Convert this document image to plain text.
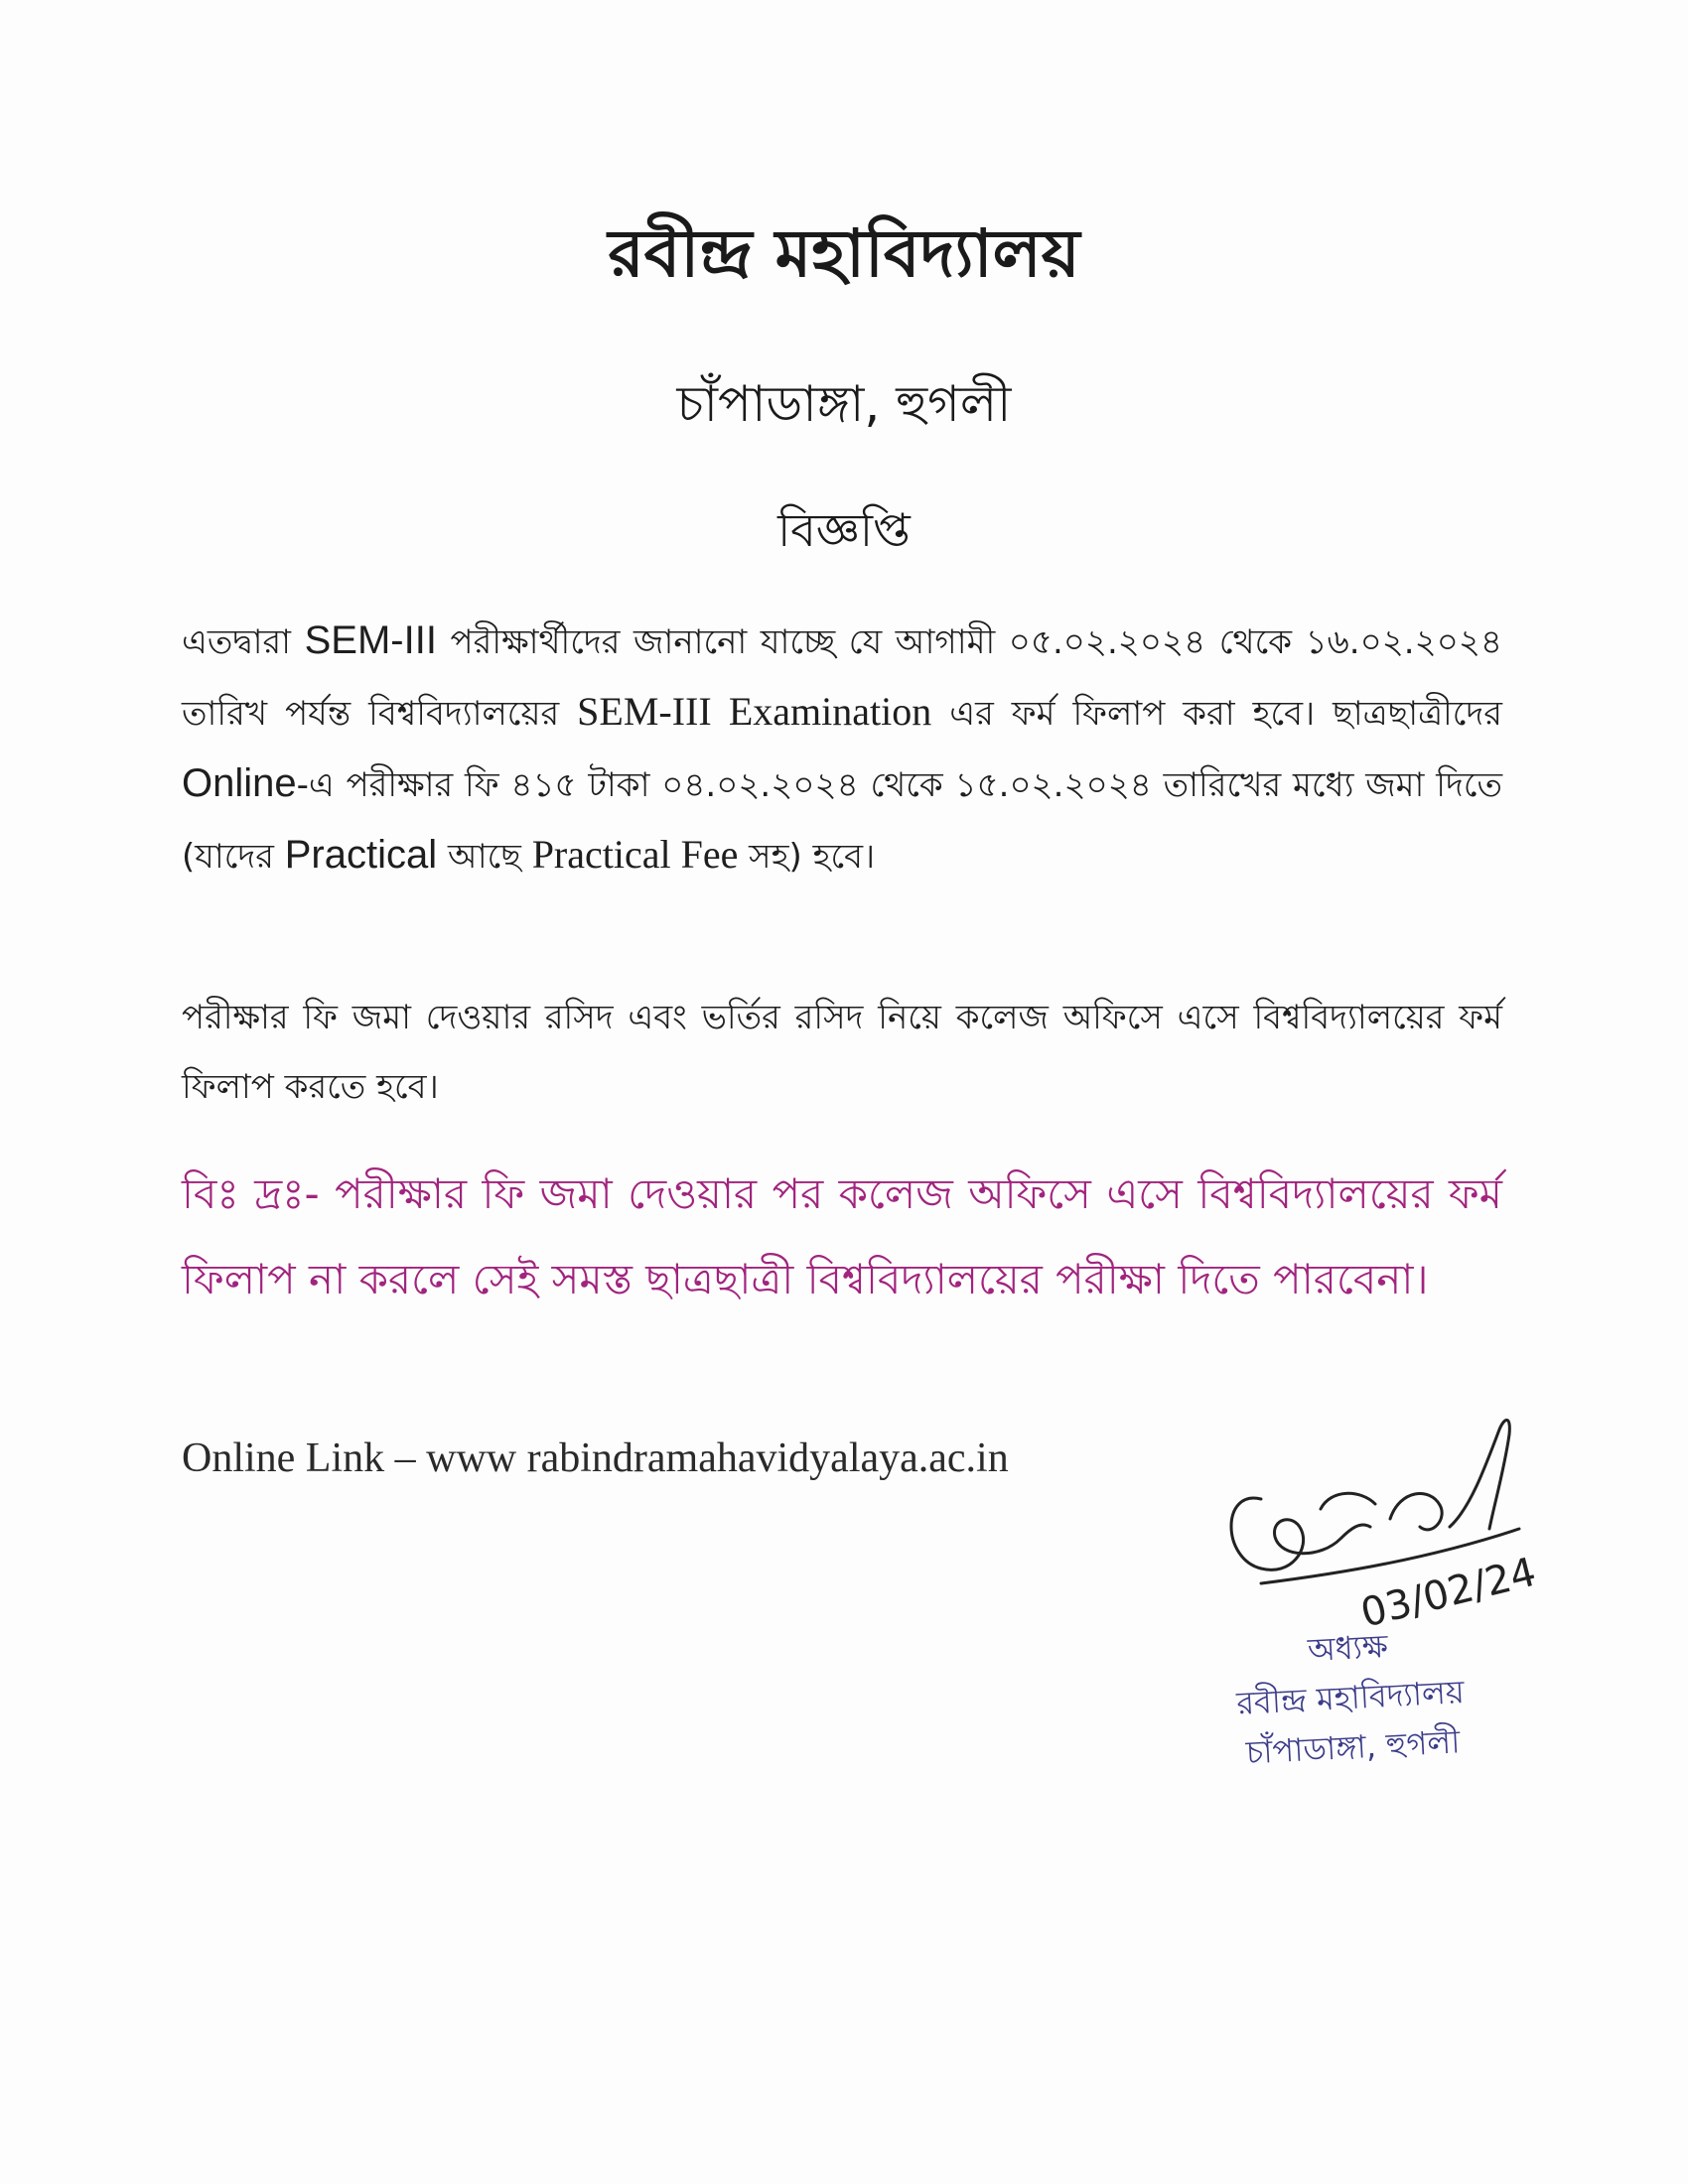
রবীন্দ্র মহাবিদ্যালয়
চাঁপাডাঙ্গা, হুগলী
বিজ্ঞপ্তি
এতদ্বারা SEM-III পরীক্ষার্থীদের জানানো যাচ্ছে যে আগামী ০৫.০২.২০২৪ থেকে ১৬.০২.২০২৪ তারিখ পর্যন্ত বিশ্ববিদ্যালয়ের SEM-III Examination এর ফর্ম ফিলাপ করা হবে। ছাত্রছাত্রীদের Online-এ পরীক্ষার ফি ৪১৫ টাকা ০৪.০২.২০২৪ থেকে ১৫.০২.২০২৪ তারিখের মধ্যে জমা দিতে (যাদের Practical আছে Practical Fee সহ) হবে।
পরীক্ষার ফি জমা দেওয়ার রসিদ এবং ভর্তির রসিদ নিয়ে কলেজ অফিসে এসে বিশ্ববিদ্যালয়ের ফর্ম ফিলাপ করতে হবে।
বিঃ দ্রঃ- পরীক্ষার ফি জমা দেওয়ার পর কলেজ অফিসে এসে বিশ্ববিদ্যালয়ের ফর্ম ফিলাপ না করলে সেই সমস্ত ছাত্রছাত্রী বিশ্ববিদ্যালয়ের পরীক্ষা দিতে পারবেনা।
Online Link – www rabindramahavidyalaya.ac.in
03/02/24
অধ্যক্ষ
রবীন্দ্র মহাবিদ্যালয়
চাঁপাডাঙ্গা, হুগলী
